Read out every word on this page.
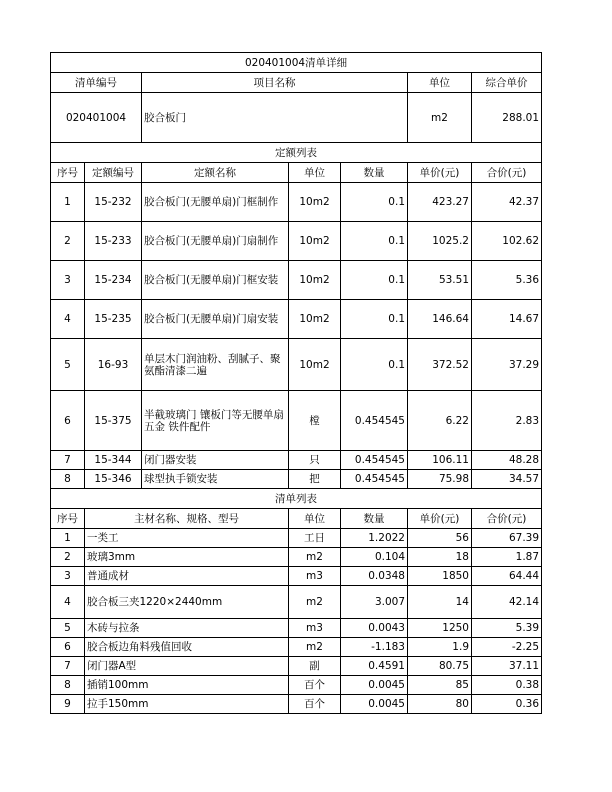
020401004清单详细						
清单编号		项目名称			单位	综合单价
020401004		胶合板门			m2	288.01
定额列表						
序号	定额编号	定额名称	单位	数量	单价(元)	合价(元)
1	15-232	胶合板门(无腰单扇)门框制作	10m2	0.1	423.27	42.37
2	15-233	胶合板门(无腰单扇)门扇制作	10m2	0.1	1025.2	102.62
3	15-234	胶合板门(无腰单扇)门框安装	10m2	0.1	53.51	5.36
4	15-235	胶合板门(无腰单扇)门扇安装	10m2	0.1	146.64	14.67
5	16-93	单层木门润油粉、刮腻子、聚氨酯清漆二遍	10m2	0.1	372.52	37.29
6	15-375	半截玻璃门 镶板门等无腰单扇五金 铁件配件	樘	0.454545	6.22	2.83
7	15-344	闭门器安装	只	0.454545	106.11	48.28
8	15-346	球型执手锁安装	把	0.454545	75.98	34.57
清单列表						
序号	主材名称、规格、型号		单位	数量	单价(元)	合价(元)
1	一类工		工日	1.2022	56	67.39
2	玻璃3mm		m2	0.104	18	1.87
3	普通成材		m3	0.0348	1850	64.44
4	胶合板三夹1220×2440mm		m2	3.007	14	42.14
5	木砖与拉条		m3	0.0043	1250	5.39
6	胶合板边角料残值回收		m2	-1.183	1.9	-2.25
7	闭门器A型		副	0.4591	80.75	37.11
8	插销100mm		百个	0.0045	85	0.38
9	拉手150mm		百个	0.0045	80	0.36
